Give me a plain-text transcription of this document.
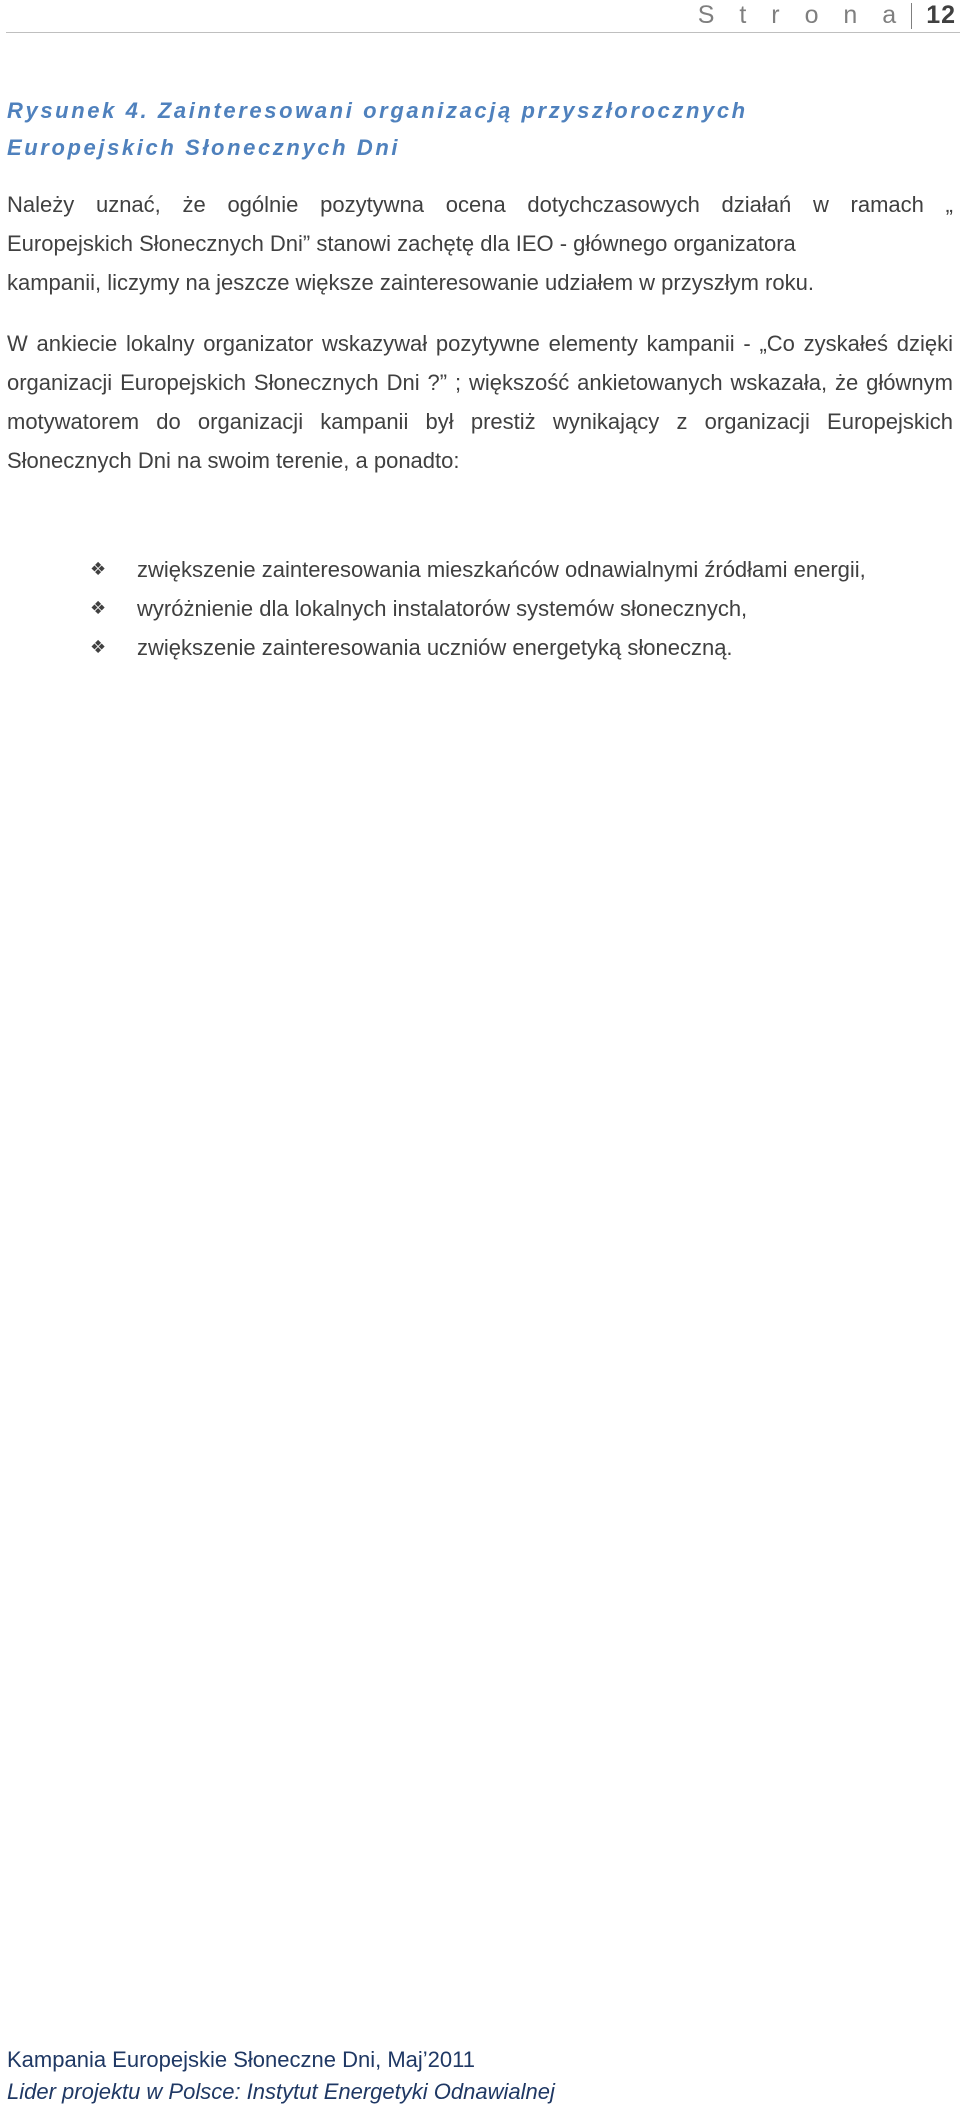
S t r o n a 12
Rysunek 4. Zainteresowani organizacją przyszłorocznych
Europejskich Słonecznych Dni
Należy uznać, że ogólnie pozytywna ocena dotychczasowych działań w ramach „
Europejskich Słonecznych Dni” stanowi zachętę dla IEO - głównego organizatora
kampanii, liczymy na jeszcze większe zainteresowanie udziałem w przyszłym roku.
W ankiecie lokalny organizator wskazywał pozytywne elementy kampanii - „Co zyskałeś dzięki organizacji Europejskich Słonecznych Dni ?” ; większość ankietowanych wskazała, że głównym motywatorem do organizacji kampanii był prestiż wynikający z organizacji Europejskich Słonecznych Dni na swoim terenie, a ponadto:
❖ zwiększenie zainteresowania mieszkańców odnawialnymi źródłami energii,
❖ wyróżnienie dla lokalnych instalatorów systemów słonecznych,
❖ zwiększenie zainteresowania uczniów energetyką słoneczną.
Kampania Europejskie Słoneczne Dni, Maj’2011
Lider projektu w Polsce: Instytut Energetyki Odnawialnej
